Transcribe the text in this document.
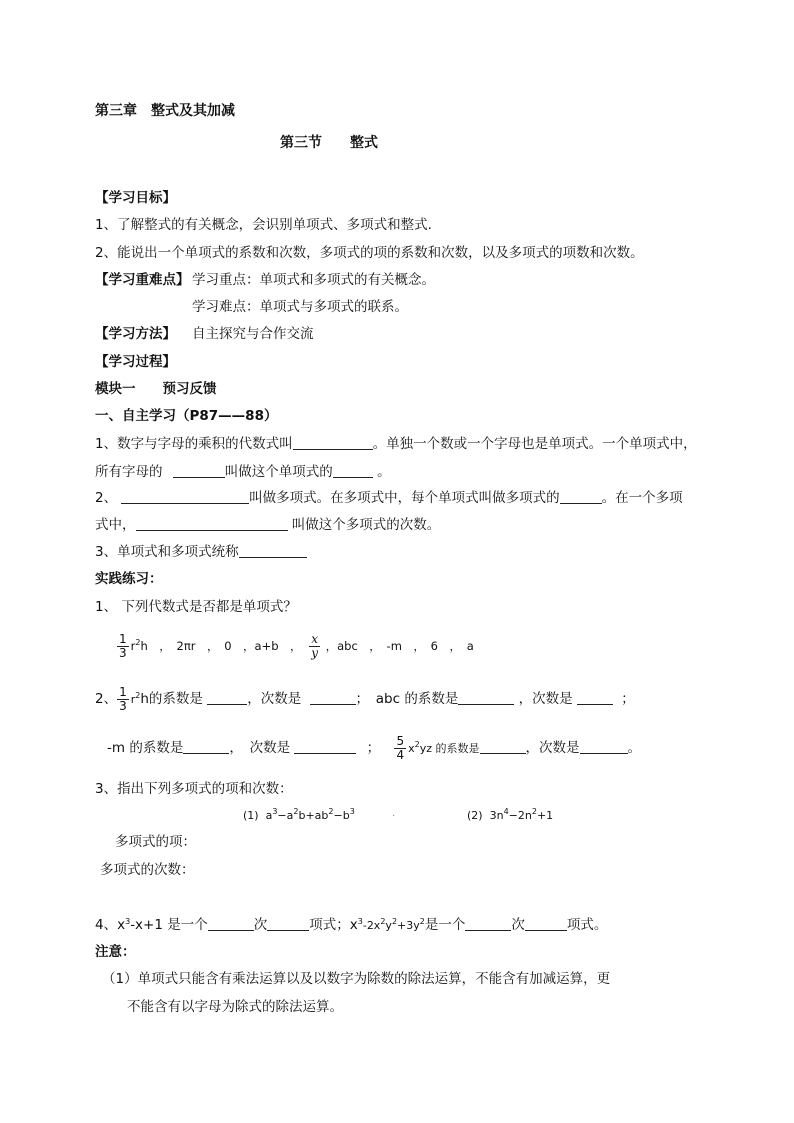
第三章　整式及其加减
第三节　　整式
【学习目标】
1、了解整式的有关概念，会识别单项式、多项式和整式.
2、能说出一个单项式的系数和次数，多项式的项的系数和次数，以及多项式的项数和次数。
【学习重难点】 学习重点：单项式和多项式的有关概念。
学习难点：单项式与多项式的联系。
【学习方法】 自主探究与合作交流
【学习过程】
模块一　　预习反馈
一、自主学习（P87——88）
1、数字与字母的乘积的代数式叫	。单独一个数或一个字母也是单项式。一个单项式中，
所有字母的	叫做这个单项式的	。
2、	叫做多项式。在多项式中，每个单项式叫做多项式的	。在一个多项
式中，	叫做这个多项式的次数。
3、单项式和多项式统称
实践练习：
1、 下列代数式是否都是单项式？
$\frac{1}{3} r^2h$　，　2πr　，　0　，a+b　， $\frac{x}{y}$ ，abc　，　-m　，　6　，　a
2、 $\frac{1}{3} r^2h$的系数是	，次数是	；　abc 的系数是	，次数是	；
-m 的系数是	，　次数是	； $\frac{5}{4} x^2yz$ 的系数是	，次数是	。
3、指出下列多项式的项和次数：
(1)  $a^3-a^2b+ab^2-b^3$	.	(2)  $3n^4-2n^2+1$
多项式的项：
多项式的次数：
4、$x^3-x+1$ 是一个	次	项式；$x^3-2x^2y^2+3y^2$是一个	次	项式。
注意：
（1）单项式只能含有乘法运算以及以数字为除数的除法运算，不能含有加减运算，更
不能含有以字母为除式的除法运算。
